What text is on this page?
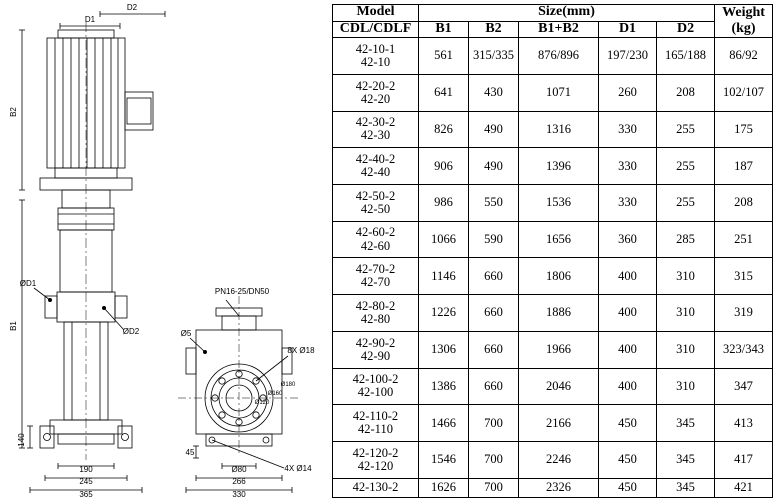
D2
D1
B2
B1
ØD1
ØD2
190
245
365
140
PN16-25/DN50
8X Ø18
4X Ø14
Ø5
Ø80
266
330
45
Ø120
Ø160
Ø180
Model	Size(mm)					Weight
(kg)

CDL/CDLF	B1	B2	B1+B2	D1	D2	

42-10-1
42-10	561	315/335	876/896	197/230	165/188	86/92

42-20-2
42-20	641	430	1071	260	208	102/107

42-30-2
42-30	826	490	1316	330	255	175

42-40-2
42-40	906	490	1396	330	255	187

42-50-2
42-50	986	550	1536	330	255	208

42-60-2
42-60	1066	590	1656	360	285	251

42-70-2
42-70	1146	660	1806	400	310	315

42-80-2
42-80	1226	660	1886	400	310	319

42-90-2
42-90	1306	660	1966	400	310	323/343

42-100-2
42-100	1386	660	2046	400	310	347

42-110-2
42-110	1466	700	2166	450	345	413

42-120-2
42-120	1546	700	2246	450	345	417

42-130-2	1626	700	2326	450	345	421
